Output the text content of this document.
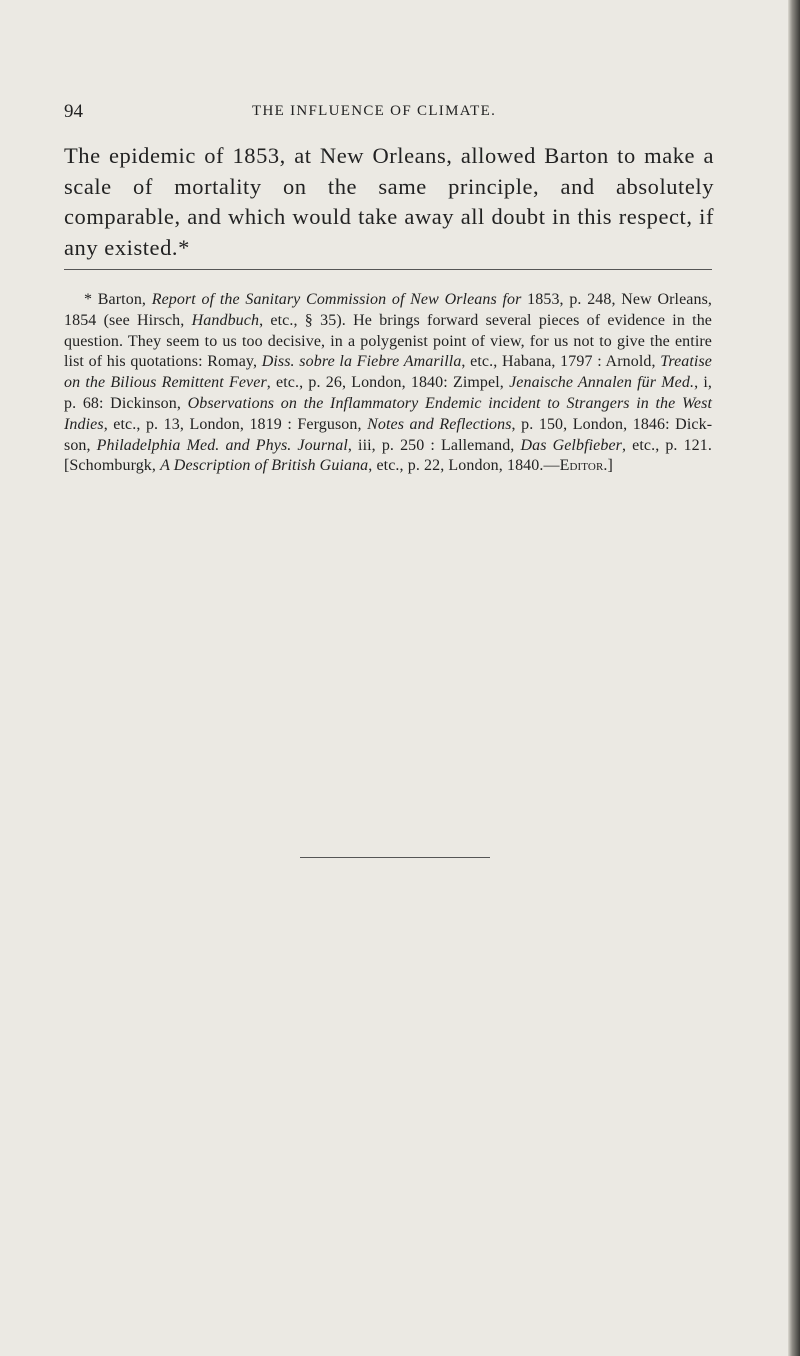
94	THE INFLUENCE OF CLIMATE.

The epidemic of 1853, at New Orleans, allowed Barton to make a scale of mortality on the same principle, and absolutely comparable, and which would take away all doubt in this respect, if any existed.*

* Barton, Report of the Sanitary Commission of New Orleans for 1853, p. 248, New Orleans, 1854 (see Hirsch, Handbuch, etc., § 35). He brings forward several pieces of evidence in the question. They seem to us too decisive, in a polygenist point of view, for us not to give the entire list of his quotations: Romay, Diss. sobre la Fiebre Amarilla, etc., Habana, 1797 : Arnold, Treatise on the Bilious Remittent Fever, etc., p. 26, London, 1840: Zimpel, Jenaische Annalen für Med., i, p. 68: Dickinson, Observations on the Inflammatory Endemic incident to Strangers in the West Indies, etc., p. 13, London, 1819 : Ferguson, Notes and Reflections, p. 150, London, 1846: Dickson, Philadelphia Med. and Phys. Journal, iii, p. 250 : Lallemand, Das Gelbfieber, etc., p. 121. [Schomburgk, A Description of British Guiana, etc., p. 22, London, 1840.—Editor.]
